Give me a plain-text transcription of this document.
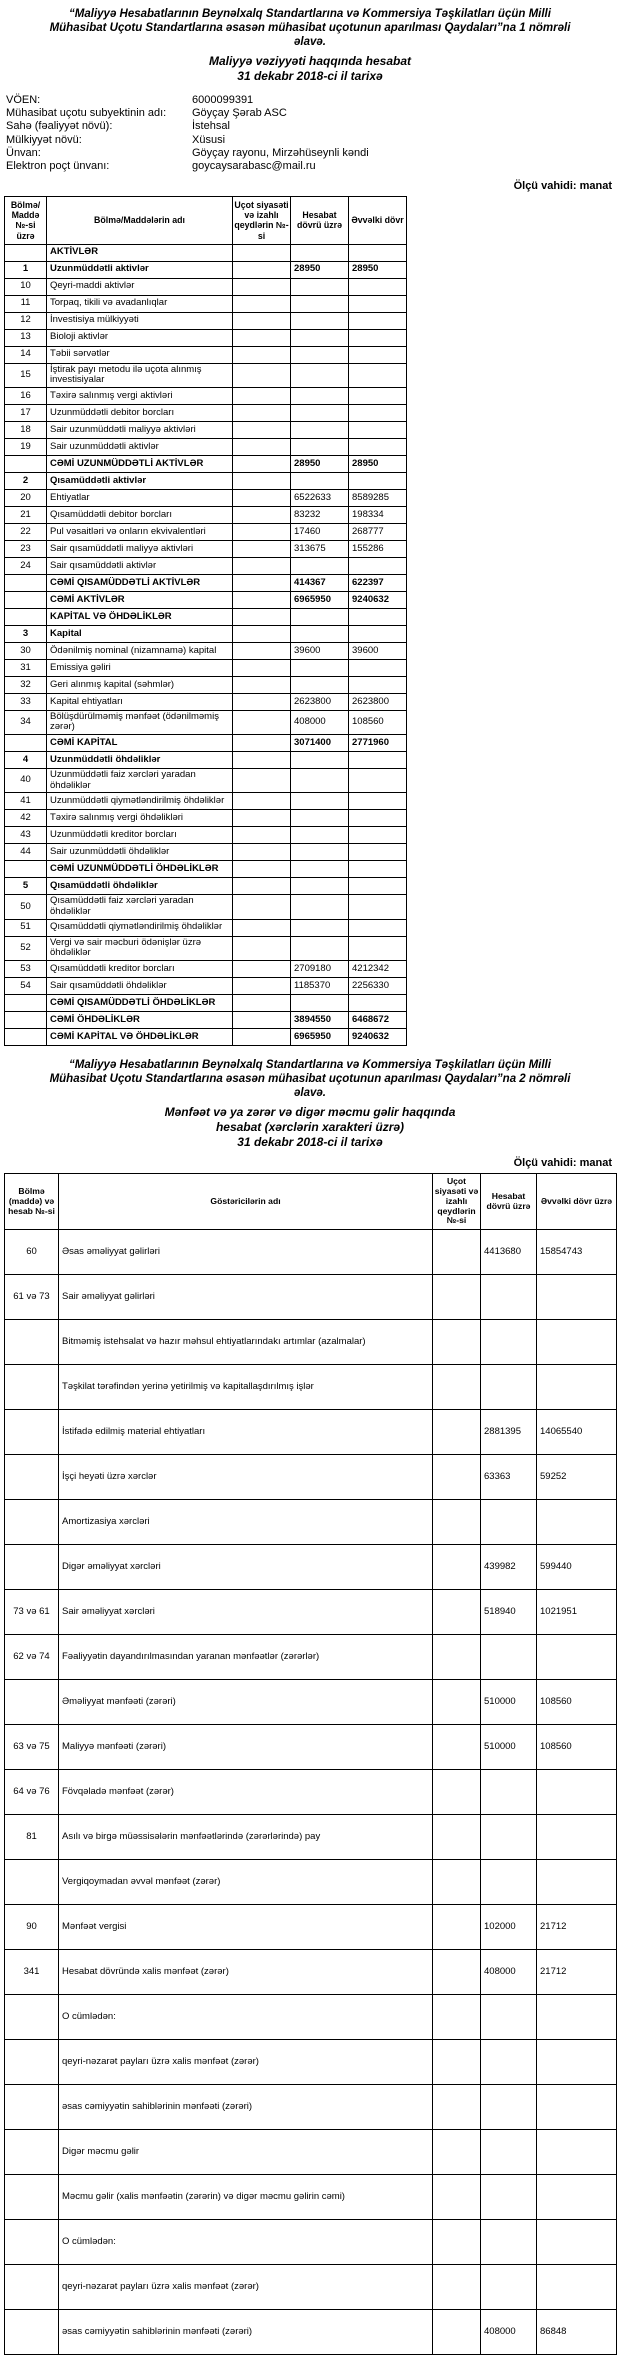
“Maliyyə Hesabatlarının Beynəlxalq Standartlarına və Kommersiya Təşkilatları üçün Milli Mühasibat Uçotu Standartlarına əsasən mühasibat uçotunun aparılması Qaydaları”na 1 nömrəli əlavə.
Maliyyə vəziyyəti haqqında hesabat
31 dekabr 2018-ci il tarixə
VÖEN:	6000099391
Mühasibat uçotu subyektinin adı:	Göyçay Şərab ASC
Sahə (fəaliyyət növü):	İstehsal
Mülkiyyət növü:	Xüsusi
Ünvan:	Göyçay rayonu, Mirzəhüseynli kəndi
Elektron poçt ünvanı:	goycaysarabasc@mail.ru
Ölçü vahidi: manat
Bölmə/ Maddə №-si üzrə	Bölmə/Maddələrin adı	Uçot siyasəti və izahlı qeydlərin №-si	Hesabat dövrü üzrə	Əvvəlki dövr
	AKTİVLƏR			
1	Uzunmüddətli aktivlər		28950	28950
10	Qeyri-maddi aktivlər			
11	Torpaq, tikili və avadanlıqlar			
12	İnvestisiya mülkiyyəti			
13	Bioloji aktivlər			
14	Təbii sərvətlər			
15	İştirak payı metodu ilə uçota alınmış investisiyalar			
16	Təxirə salınmış vergi aktivləri			
17	Uzunmüddətli debitor borcları			
18	Sair uzunmüddətli maliyyə aktivləri			
19	Sair uzunmüddətli aktivlər			
	CƏMİ UZUNMÜDDƏTLİ AKTİVLƏR		28950	28950
2	Qısamüddətli aktivlər			
20	Ehtiyatlar		6522633	8589285
21	Qısamüddətli debitor borcları		83232	198334
22	Pul vəsaitləri və onların ekvivalentləri		17460	268777
23	Sair qısamüddətli maliyyə aktivləri		313675	155286
24	Sair qısamüddətli aktivlər			
	CƏMİ QISAMÜDDƏTLİ AKTİVLƏR		414367	622397
	CƏMİ AKTİVLƏR		6965950	9240632
	KAPİTAL VƏ ÖHDƏLİKLƏR			
3	Kapital			
30	Ödənilmiş nominal (nizamnamə) kapital		39600	39600
31	Emissiya gəliri			
32	Geri alınmış kapital (səhmlər)			
33	Kapital ehtiyatları		2623800	2623800
34	Bölüşdürülməmiş mənfəət (ödənilməmiş zərər)		408000	108560
	CƏMİ KAPİTAL		3071400	2771960
4	Uzunmüddətli öhdəliklər			
40	Uzunmüddətli faiz xərcləri yaradan öhdəliklər			
41	Uzunmüddətli qiymətləndirilmiş öhdəliklər			
42	Təxirə salınmış vergi öhdəlikləri			
43	Uzunmüddətli kreditor borcları			
44	Sair uzunmüddətli öhdəliklər			
	CƏMİ UZUNMÜDDƏTLİ ÖHDƏLİKLƏR			
5	Qısamüddətli öhdəliklər			
50	Qısamüddətli faiz xərcləri yaradan öhdəliklər			
51	Qısamüddətli qiymətləndirilmiş öhdəliklər			
52	Vergi və sair məcburi ödənişlər üzrə öhdəliklər			
53	Qısamüddətli kreditor borcları		2709180	4212342
54	Sair qısamüddətli öhdəliklər		1185370	2256330
	CƏMİ QISAMÜDDƏTLİ ÖHDƏLİKLƏR			
	CƏMİ ÖHDƏLİKLƏR		3894550	6468672
	CƏMİ KAPİTAL VƏ ÖHDƏLİKLƏR		6965950	9240632
“Maliyyə Hesabatlarının Beynəlxalq Standartlarına və Kommersiya Təşkilatları üçün Milli Mühasibat Uçotu Standartlarına əsasən mühasibat uçotunun aparılması Qaydaları”na 2 nömrəli əlavə.
Mənfəət və ya zərər və digər məcmu gəlir haqqında hesabat (xərclərin xarakteri üzrə)
31 dekabr 2018-ci il tarixə
Ölçü vahidi: manat
Bölmə (maddə) və hesab №-si	Göstəricilərin adı	Uçot siyasəti və izahlı qeydlərin №-si	Hesabat dövrü üzrə	Əvvəlki dövr üzrə
60	Əsas əməliyyat gəlirləri		4413680	15854743
61 və 73	Sair əməliyyat gəlirləri			
	Bitməmiş istehsalat və hazır məhsul ehtiyatlarındakı artımlar (azalmalar)			
	Təşkilat tərəfindən yerinə yetirilmiş və kapitallaşdırılmış işlər			
	İstifadə edilmiş material ehtiyatları		2881395	14065540
	İşçi heyəti üzrə xərclər		63363	59252
	Amortizasiya xərcləri			
	Digər əməliyyat xərcləri		439982	599440
73 və 61	Sair əməliyyat xərcləri		518940	1021951
62 və 74	Fəaliyyətin dayandırılmasından yaranan mənfəətlər (zərərlər)			
	Əməliyyat mənfəəti (zərəri)		510000	108560
63 və 75	Maliyyə mənfəəti (zərəri)		510000	108560
64 və 76	Fövqəladə mənfəət (zərər)			
81	Asılı və birgə müəssisələrin mənfəətlərində (zərərlərində) pay			
	Vergiqoymadan əvvəl mənfəət (zərər)			
90	Mənfəət vergisi		102000	21712
341	Hesabat dövründə xalis mənfəət (zərər)		408000	21712
	O cümlədən:			
	qeyri-nəzarət payları üzrə xalis mənfəət (zərər)			
	əsas cəmiyyətin sahiblərinin mənfəəti (zərəri)			
	Digər məcmu gəlir			
	Məcmu gəlir (xalis mənfəətin (zərərin) və digər məcmu gəlirin cəmi)			
	O cümlədən:			
	qeyri-nəzarət payları üzrə xalis mənfəət (zərər)			
	əsas cəmiyyətin sahiblərinin mənfəəti (zərəri)		408000	86848
